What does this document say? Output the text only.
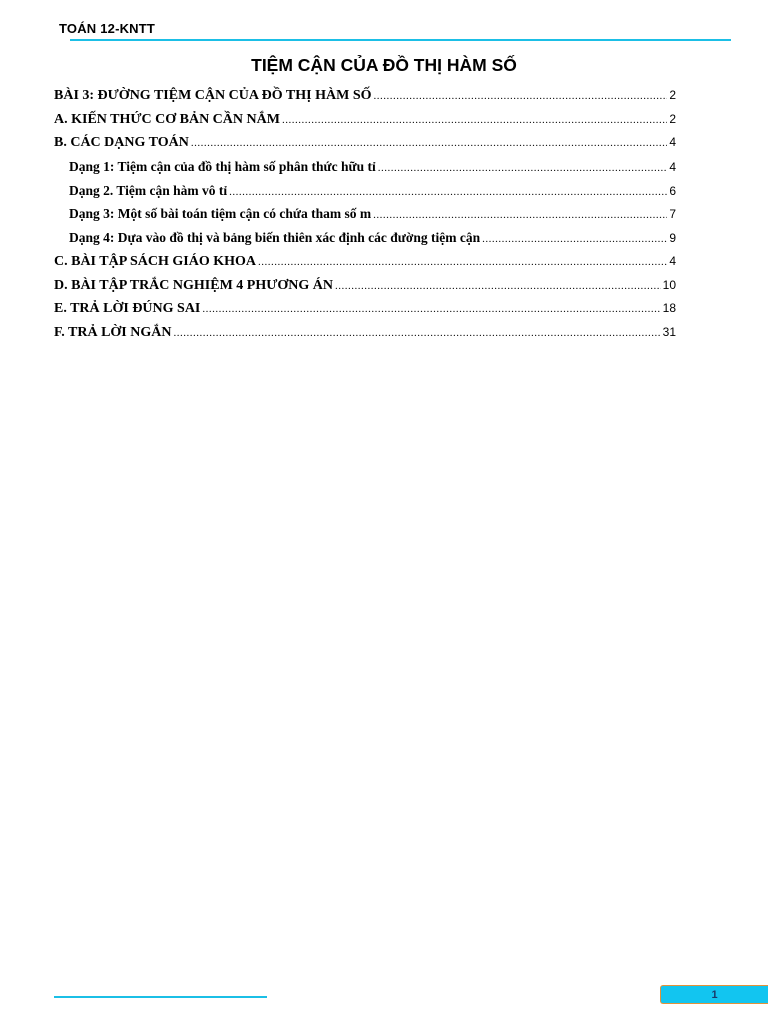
TOÁN 12-KNTT
TIỆM CẬN CỦA ĐỒ THỊ HÀM SỐ
BÀI 3: ĐƯỜNG TIỆM CẬN CỦA ĐỒ THỊ HÀM SỐ .....	2
A. KIẾN THỨC CƠ BẢN CẦN NẮM .....	2
B. CÁC DẠNG TOÁN .....	4
Dạng 1: Tiệm cận của đồ thị hàm số phân thức hữu tỉ .....	4
Dạng 2. Tiệm cận hàm vô tỉ .....	6
Dạng 3: Một số bài toán tiệm cận có chứa tham số m .....	7
Dạng 4: Dựa vào đồ thị và bảng biến thiên xác định các đường tiệm cận .....	9
C. BÀI TẬP SÁCH GIÁO KHOA .....	4
D. BÀI TẬP TRẮC NGHIỆM 4 PHƯƠNG ÁN .....	10
E. TRẢ LỜI ĐÚNG SAI .....	18
F. TRẢ LỜI NGẮN .....	31
1
